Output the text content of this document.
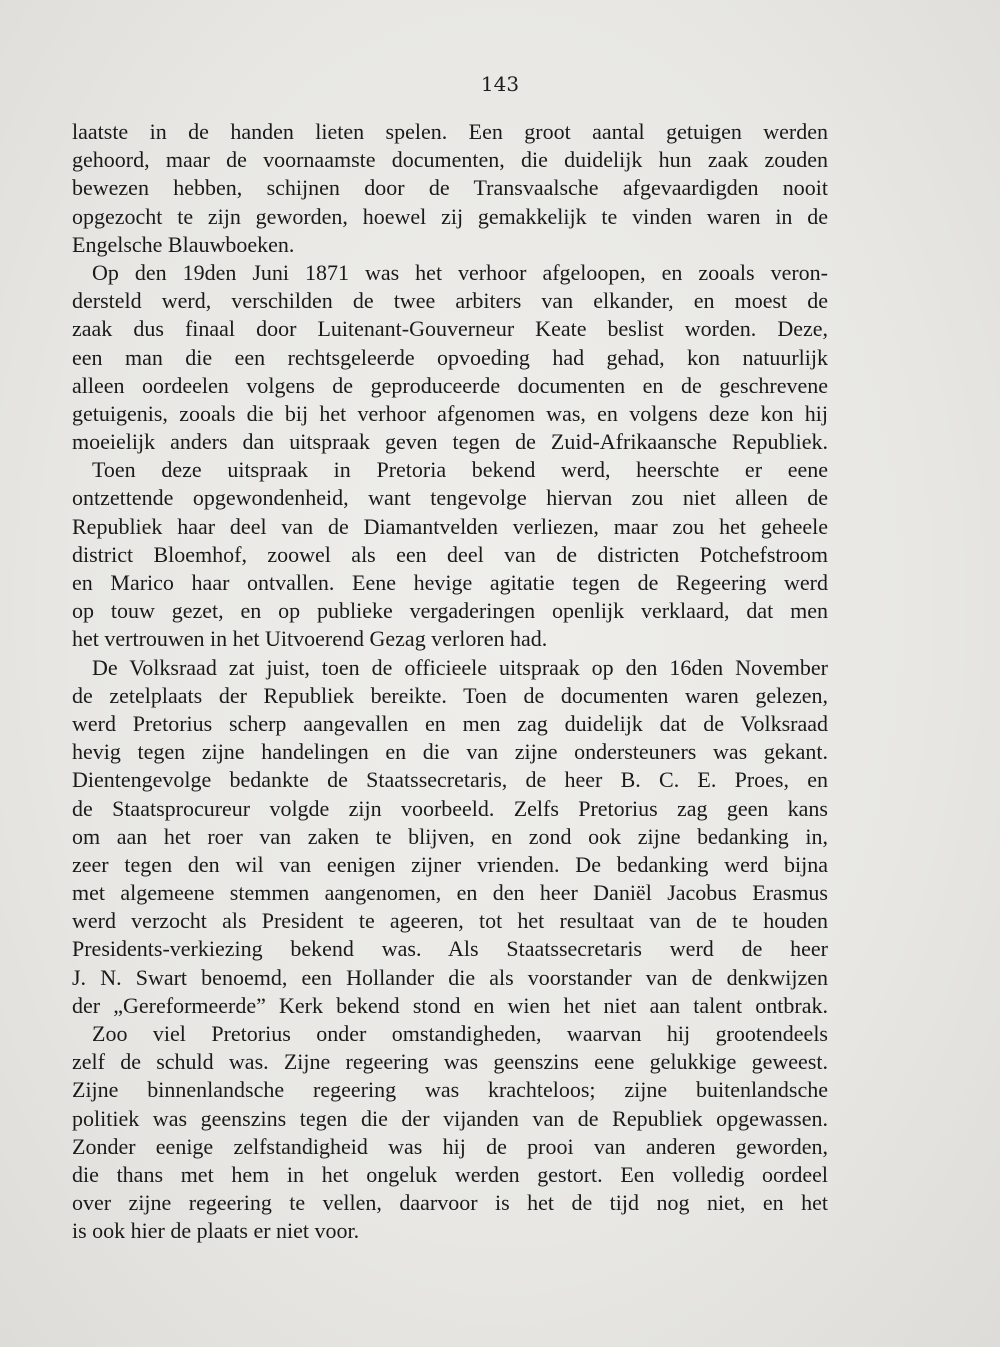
143
laatste in de handen lieten spelen. Een groot aantal getuigen werden
gehoord, maar de voornaamste documenten, die duidelijk hun zaak zouden
bewezen hebben, schijnen door de Transvaalsche afgevaardigden nooit
opgezocht te zijn geworden, hoewel zij gemakkelijk te vinden waren in de
Engelsche Blauwboeken.
Op den 19den Juni 1871 was het verhoor afgeloopen, en zooals veron-
dersteld werd, verschilden de twee arbiters van elkander, en moest de
zaak dus finaal door Luitenant-Gouverneur Keate beslist worden. Deze,
een man die een rechtsgeleerde opvoeding had gehad, kon natuurlijk
alleen oordeelen volgens de geproduceerde documenten en de geschrevene
getuigenis, zooals die bij het verhoor afgenomen was, en volgens deze kon hij
moeielijk anders dan uitspraak geven tegen de Zuid-Afrikaansche Republiek.
Toen deze uitspraak in Pretoria bekend werd, heerschte er eene
ontzettende opgewondenheid, want tengevolge hiervan zou niet alleen de
Republiek haar deel van de Diamantvelden verliezen, maar zou het geheele
district Bloemhof, zoowel als een deel van de districten Potchefstroom
en Marico haar ontvallen. Eene hevige agitatie tegen de Regeering werd
op touw gezet, en op publieke vergaderingen openlijk verklaard, dat men
het vertrouwen in het Uitvoerend Gezag verloren had.
De Volksraad zat juist, toen de officieele uitspraak op den 16den November
de zetelplaats der Republiek bereikte. Toen de documenten waren gelezen,
werd Pretorius scherp aangevallen en men zag duidelijk dat de Volksraad
hevig tegen zijne handelingen en die van zijne ondersteuners was gekant.
Dientengevolge bedankte de Staatssecretaris, de heer B. C. E. Proes, en
de Staatsprocureur volgde zijn voorbeeld. Zelfs Pretorius zag geen kans
om aan het roer van zaken te blijven, en zond ook zijne bedanking in,
zeer tegen den wil van eenigen zijner vrienden. De bedanking werd bijna
met algemeene stemmen aangenomen, en den heer Daniël Jacobus Erasmus
werd verzocht als President te ageeren, tot het resultaat van de te houden
Presidents-verkiezing bekend was. Als Staatssecretaris werd de heer
J. N. Swart benoemd, een Hollander die als voorstander van de denkwijzen
der „Gereformeerde” Kerk bekend stond en wien het niet aan talent ontbrak.
Zoo viel Pretorius onder omstandigheden, waarvan hij grootendeels
zelf de schuld was. Zijne regeering was geenszins eene gelukkige geweest.
Zijne binnenlandsche regeering was krachteloos; zijne buitenlandsche
politiek was geenszins tegen die der vijanden van de Republiek opgewassen.
Zonder eenige zelfstandigheid was hij de prooi van anderen geworden,
die thans met hem in het ongeluk werden gestort. Een volledig oordeel
over zijne regeering te vellen, daarvoor is het de tijd nog niet, en het
is ook hier de plaats er niet voor.
